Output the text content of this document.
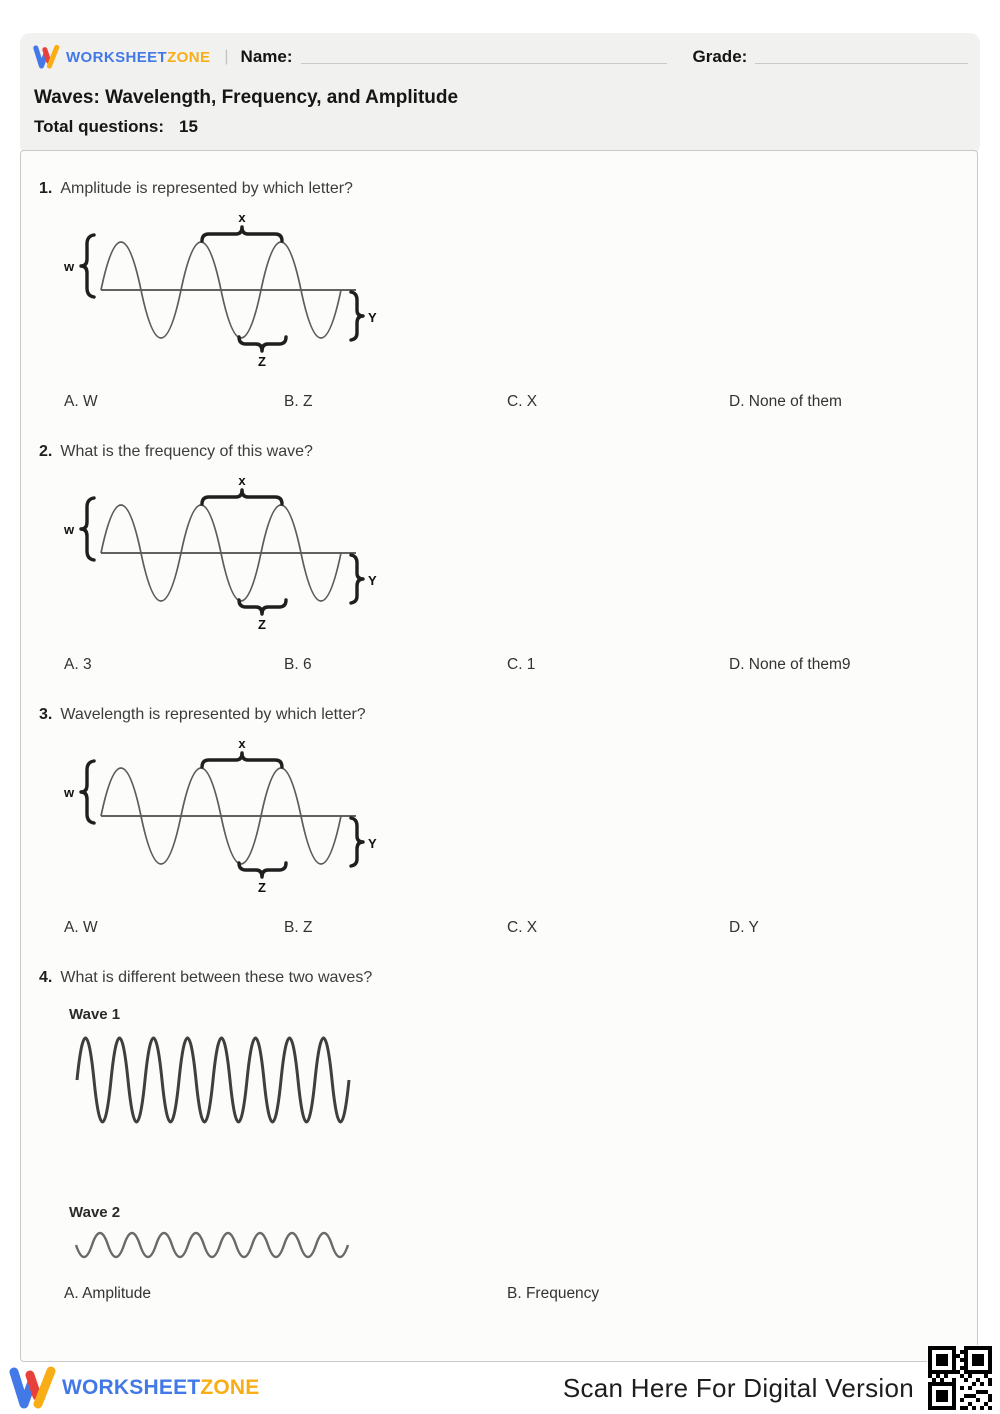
WORKSHEETZONE | Name:	Grade:
Waves: Wavelength, Frequency, and Amplitude
Total questions: 15
1. Amplitude is represented by which letter?
w
x
Y
Z
A. W	B. Z	C. X	D. None of them
2. What is the frequency of this wave?
A. 3	B. 6	C. 1	D. None of them9
3. Wavelength is represented by which letter?
A. W	B. Z	C. X	D. Y
4. What is different between these two waves?
Wave 1
Wave 2
A. Amplitude	B. Frequency
WORKSHEETZONE	Scan Here For Digital Version
